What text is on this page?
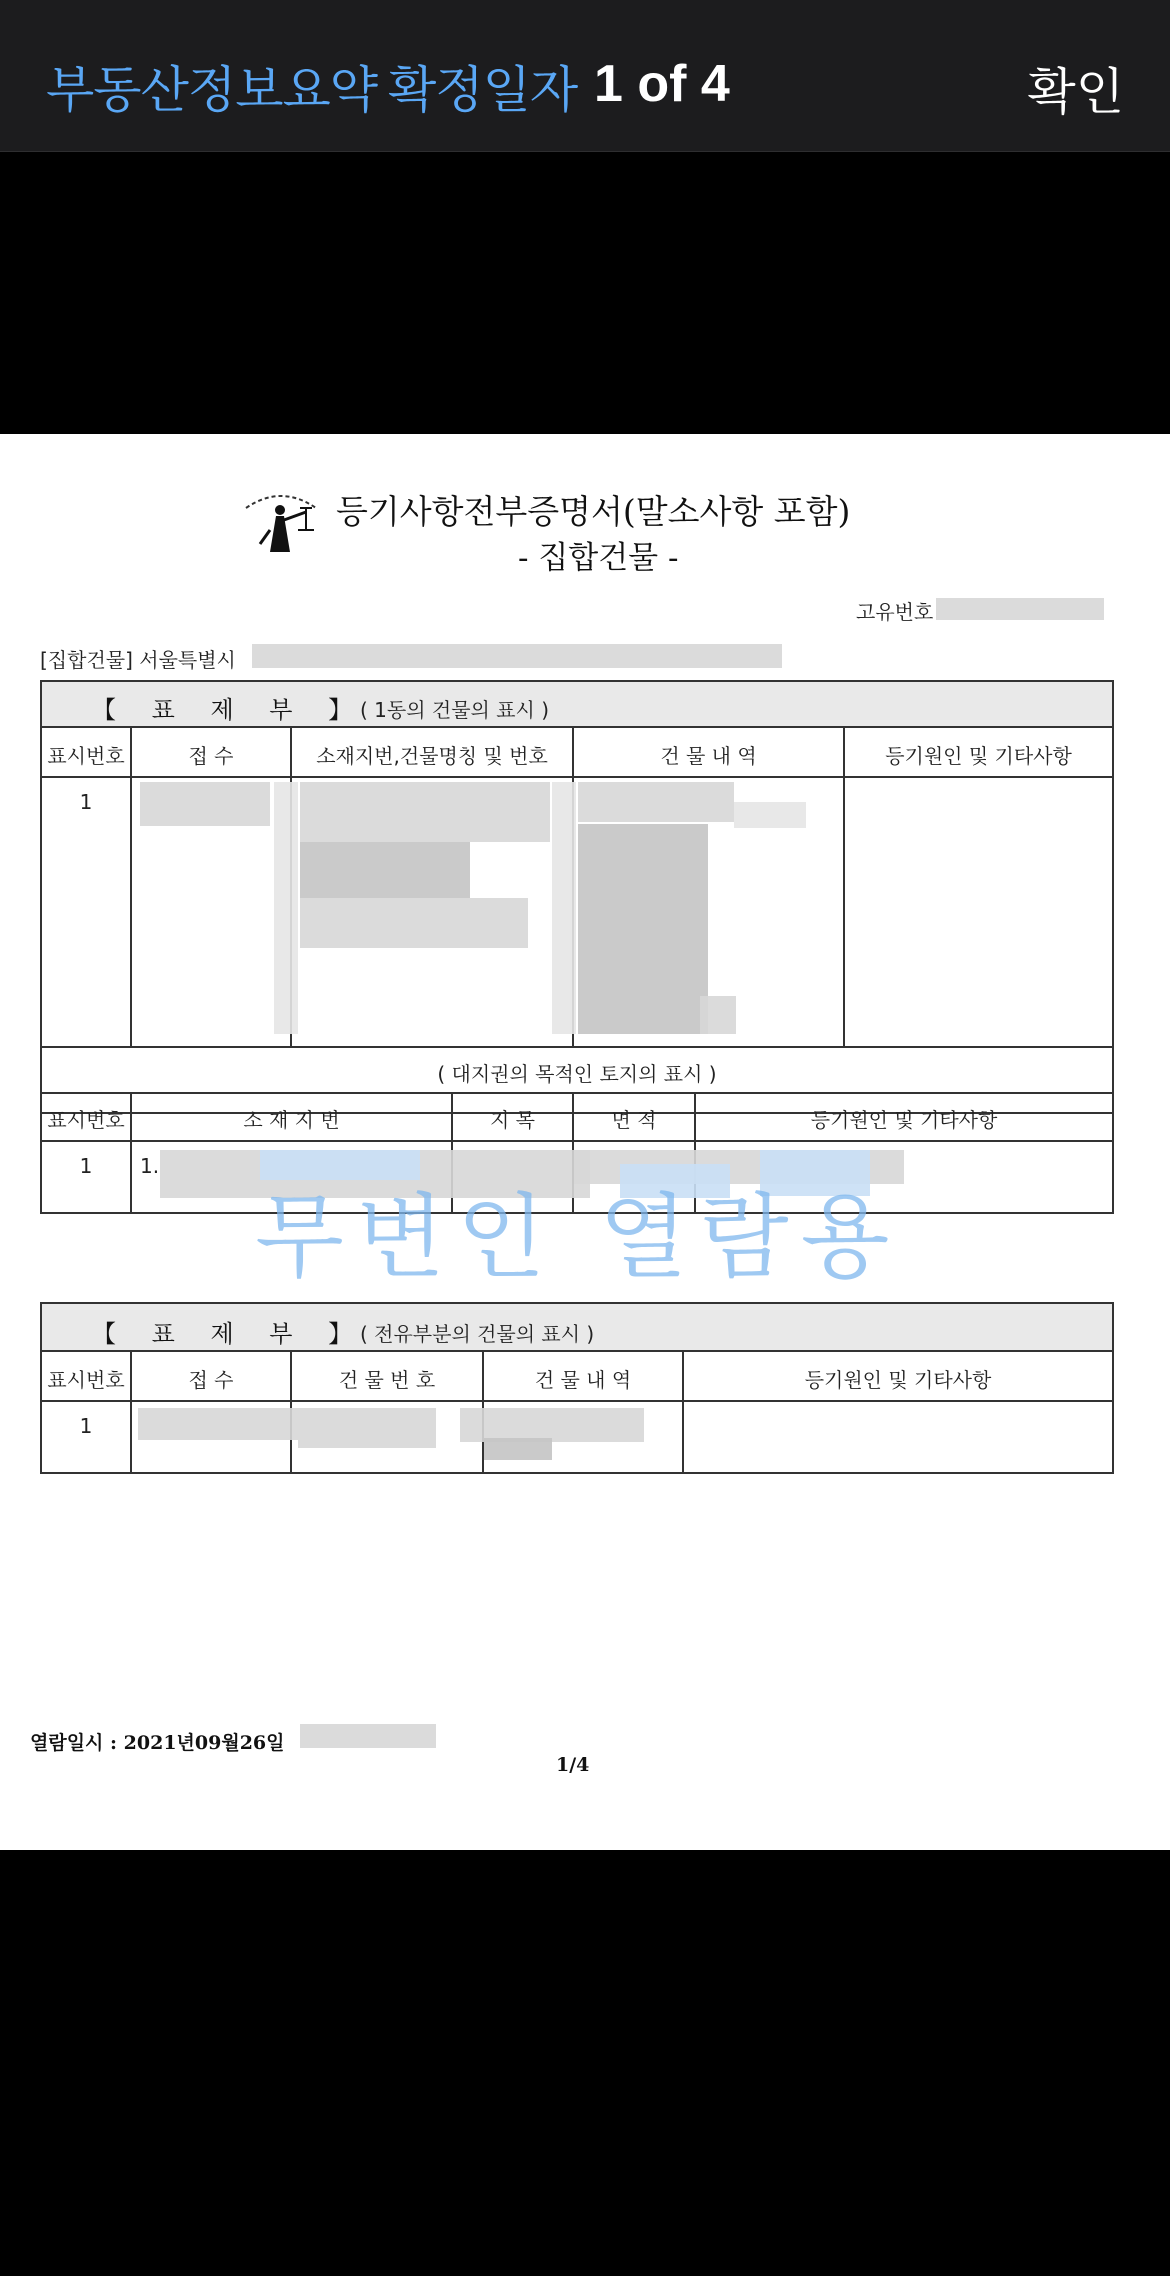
부동산정보요약 확정일자 1 of 4	확인
등기사항전부증명서(말소사항 포함)
- 집합건물 -
고유번호
[집합건물] 서울특별시
【 표 제 부 】
( 1동의 건물의 표시 )
표시번호	접 수	소재지번,건물명칭 및 번호	건 물 내 역	등기원인 및 기타사항
1
( 대지권의 목적인 토지의 표시 )
표시번호	소 재 지 번	지 목	면 적	등기원인 및 기타사항
1	1.
【 표 제 부 】
( 전유부분의 건물의 표시 )
표시번호	접 수	건 물 번 호	건 물 내 역	등기원인 및 기타사항
1
무변인 열람용
열람일시 : 2021년09월26일
1/4
